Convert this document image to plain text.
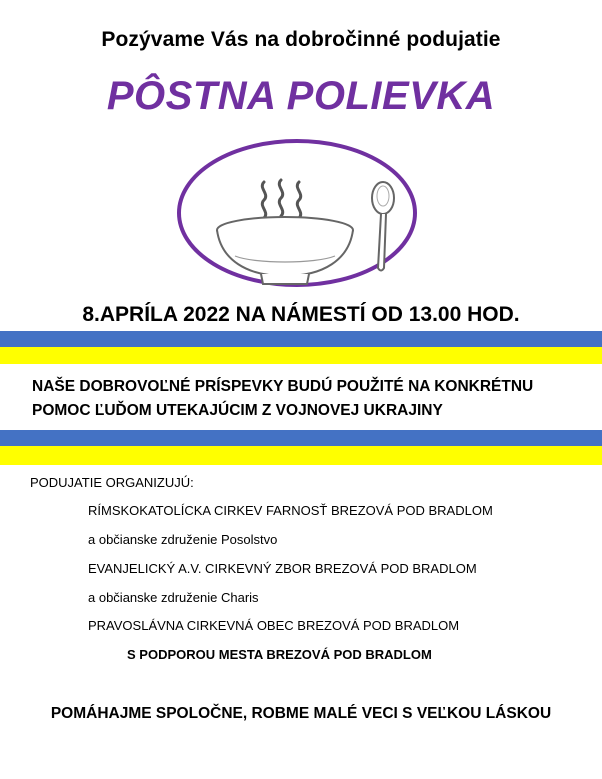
Pozývame Vás na dobročinné podujatie
PÔSTNA POLIEVKA
8.APRÍLA 2022 NA NÁMESTÍ OD 13.00 HOD.
NAŠE DOBROVOĽNÉ PRÍSPEVKY BUDÚ POUŽITÉ NA KONKRÉTNU
POMOC ĽUĎOM UTEKAJÚCIM Z VOJNOVEJ UKRAJINY
PODUJATIE ORGANIZUJÚ:
RÍMSKOKATOLÍCKA CIRKEV FARNOSŤ BREZOVÁ POD BRADLOM
a občianske združenie Posolstvo
EVANJELICKÝ A.V. CIRKEVNÝ ZBOR BREZOVÁ POD BRADLOM
a občianske združenie Charis
PRAVOSLÁVNA CIRKEVNÁ OBEC BREZOVÁ POD BRADLOM
S PODPOROU MESTA BREZOVÁ POD BRADLOM
POMÁHAJME SPOLOČNE, ROBME MALÉ VECI S VEĽKOU LÁSKOU
